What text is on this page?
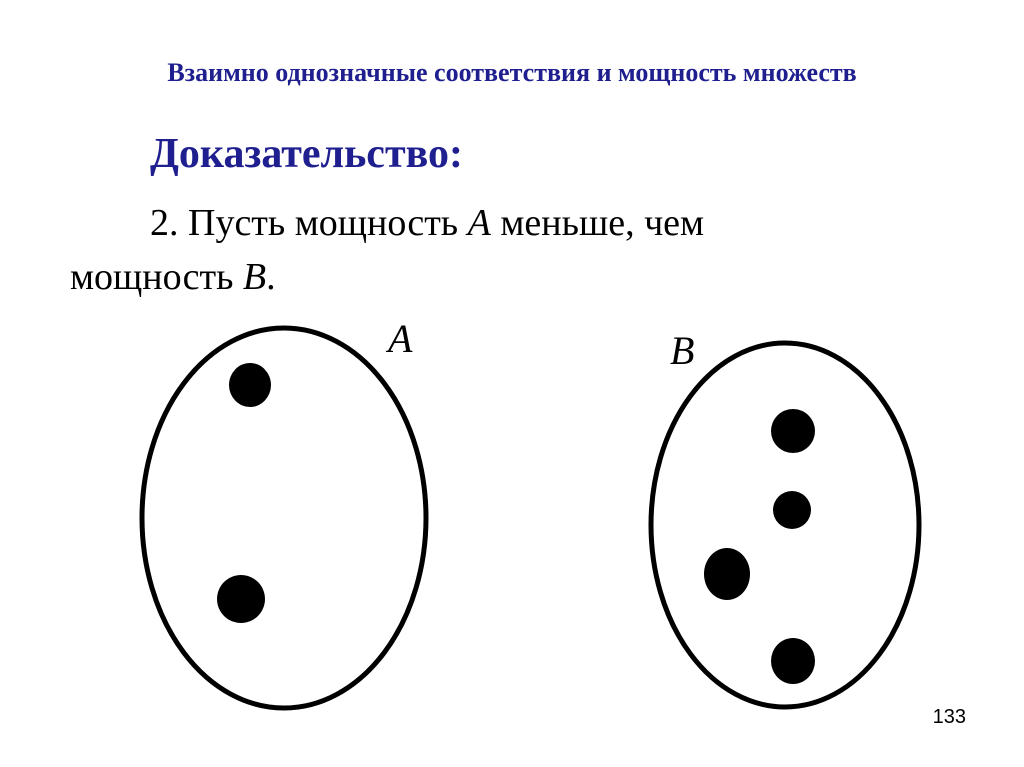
Взаимно однозначные соответствия и мощность множеств
Доказательство:
2. Пусть мощность A меньше, чем
мощность B.
A	B
133
